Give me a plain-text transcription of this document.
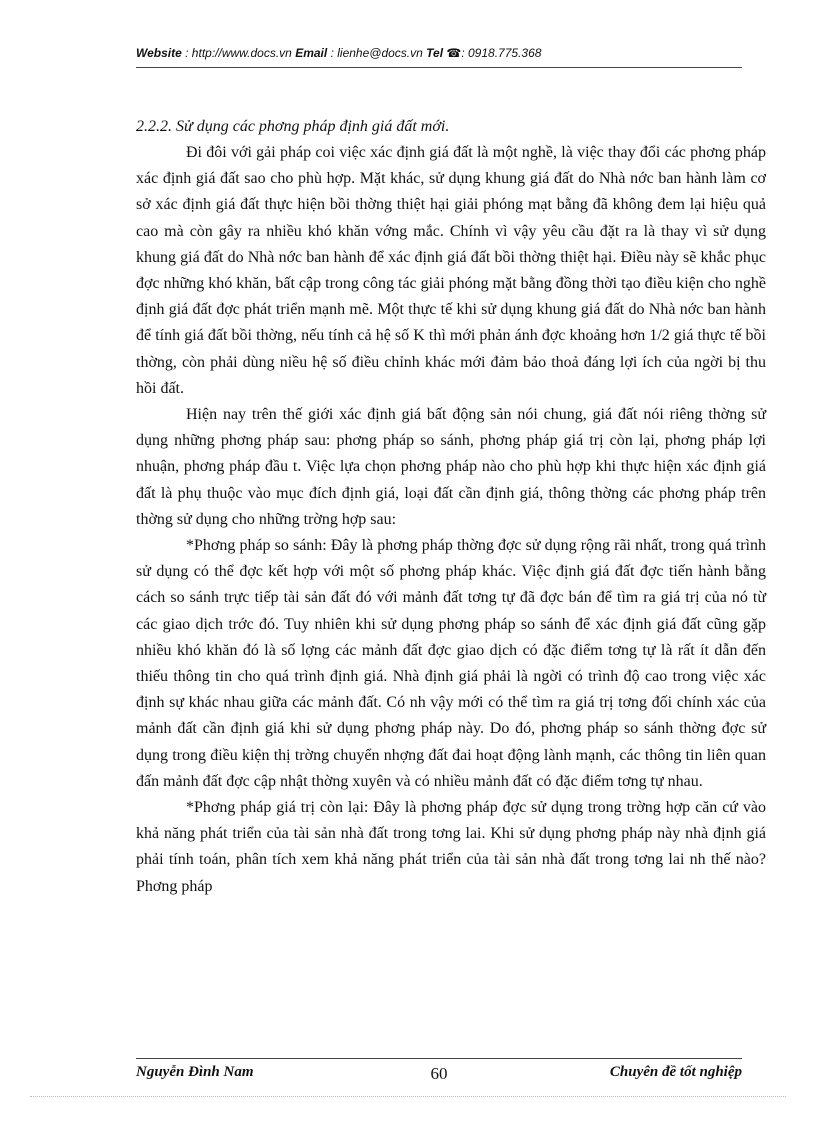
Website : http://www.docs.vn Email : lienhe@docs.vn Tel ☎: 0918.775.368
2.2.2. Sử dụng các phơng pháp định giá đất mới.

Đi đôi với gải pháp coi việc xác định giá đất là một nghề, là việc thay đổi các phơng pháp xác định giá đất sao cho phù hợp. Mặt khác, sử dụng khung giá đất do Nhà nớc ban hành làm cơ sở xác định giá đất thực hiện bồi thờng thiệt hại giải phóng mạt bằng đã không đem lại hiệu quả cao mà còn gây ra nhiều khó khăn vớng mắc. Chính vì vậy yêu cầu đặt ra là thay vì sử dụng khung giá đất do Nhà nớc ban hành để xác định giá đất bồi thờng thiệt hại. Điều này sẽ khắc phục đợc những khó khăn, bất cập trong công tác giải phóng mặt bằng đồng thời tạo điều kiện cho nghề định giá đất đợc phát triển mạnh mẽ. Một thực tế khi sử dụng khung giá đất do Nhà nớc ban hành để tính giá đất bồi thờng, nếu tính cả hệ số K thì mới phản ánh đợc khoảng hơn 1/2 giá thực tế bồi thờng, còn phải dùng niều hệ số điều chỉnh khác mới đảm bảo thoả đáng lợi ích của ngời bị thu hồi đất.

Hiện nay trên thế giới xác định giá bất động sản nói chung, giá đất nói riêng thờng sử dụng những phơng pháp sau: phơng pháp so sánh, phơng pháp giá trị còn lại, phơng pháp lợi nhuận, phơng pháp đầu t. Việc lựa chọn phơng pháp nào cho phù hợp khi thực hiện xác định giá đất là phụ thuộc vào mục đích định giá, loại đất cần định giá, thông thờng các phơng pháp trên thờng sử dụng cho những trờng hợp sau:

*Phơng pháp so sánh: Đây là phơng pháp thờng đợc sử dụng rộng rãi nhất, trong quá trình sử dụng có thể đợc kết hợp với một số phơng pháp khác. Việc định giá đất đợc tiến hành bằng cách so sánh trực tiếp tài sản đất đó với mảnh đất tơng tự đã đợc bán để tìm ra giá trị của nó từ các giao dịch trớc đó. Tuy nhiên khi sử dụng phơng pháp so sánh để xác định giá đất cũng gặp nhiều khó khăn đó là số lợng các mảnh đất đợc giao dịch có đặc điểm tơng tự là rất ít dẫn đến thiếu thông tin cho quá trình định giá. Nhà định giá phải là ngời có trình độ cao trong việc xác định sự khác nhau giữa các mảnh đất. Có nh vậy mới có thể tìm ra giá trị tơng đối chính xác của mảnh đất cần định giá khi sử dụng phơng pháp này. Do đó, phơng pháp so sánh thờng đợc sử dụng trong điều kiện thị trờng chuyển nhợng đất đai hoạt động lành mạnh, các thông tin liên quan đấn mảnh đất đợc cập nhật thờng xuyên và có nhiều mảnh đất có đặc điểm tơng tự nhau.

*Phơng pháp giá trị còn lại: Đây là phơng pháp đợc sử dụng trong trờng hợp căn cứ vào khả năng phát triển của tài sản nhà đất trong tơng lai. Khi sử dụng phơng pháp này nhà định giá phải tính toán, phân tích xem khả năng phát triển của tài sản nhà đất trong tơng lai nh thế nào? Phơng pháp

Nguyễn Đình Nam	60	Chuyên đề tốt nghiệp
